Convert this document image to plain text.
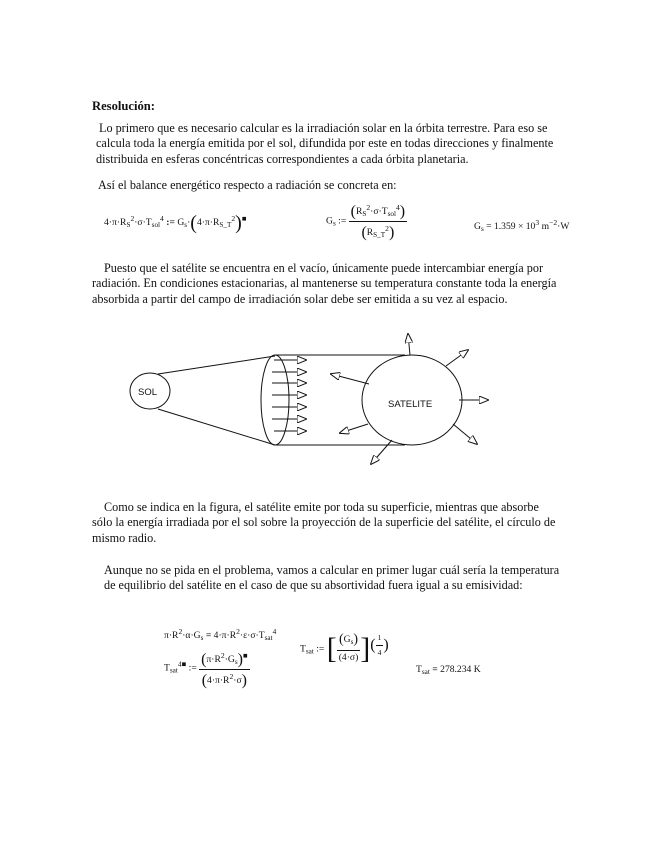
Resolución:
Lo primero que es necesario calcular es la irradiación solar en la órbita terrestre. Para eso se calcula toda la energía emitida por el sol, difundida por este en todas direcciones y finalmente distribuida en esferas concéntricas correspondientes a cada órbita planetaria.
Así el balance energético respecto a radiación se concreta en:
$4\cdot\pi\cdot R_S^2\cdot\sigma\cdot T_{sol}^4$ := $G_s\cdot(4\cdot\pi\cdot R_{S\_T}^2)^■$	$G_s$ := $\frac{(R_S^2\cdot\sigma\cdot T_{sol}^4)}{(R_{S\_T}^2)}$	$G_s = 1.359 \times 10^3$ $m^{-2}\cdot W$
Puesto que el satélite se encuentra en el vacío, únicamente puede intercambiar energía por radiación. En condiciones estacionarias, al mantenerse su temperatura constante toda la energía absorbida a partir del campo de irradiación solar debe ser emitida a su vez al espacio.
SOL
SATELITE
Como se indica en la figura, el satélite emite por toda su superficie, mientras que absorbe sólo la energía irradiada por el sol sobre la proyección de la superficie del satélite, el círculo de mismo radio.
Aunque no se pida en el problema, vamos a calcular en primer lugar cuál sería la temperatura de equilibrio del satélite en el caso de que su absortividad fuera igual a su emisividad:
$\pi\cdot R^2\cdot\alpha\cdot G_s = 4\cdot\pi\cdot R^2\cdot\varepsilon\cdot\sigma\cdot T_{sat}^4$
$T_{sat}^{4■}$ := $\frac{(\pi\cdot R^2\cdot G_s)^■}{(4\cdot\pi\cdot R^2\cdot\sigma)}$
$T_{sat}$ := [ $\frac{(G_s)}{(4\cdot\sigma)} ]^{( \frac{1}{4} )}$
$T_{sat} = 278.234$ K
